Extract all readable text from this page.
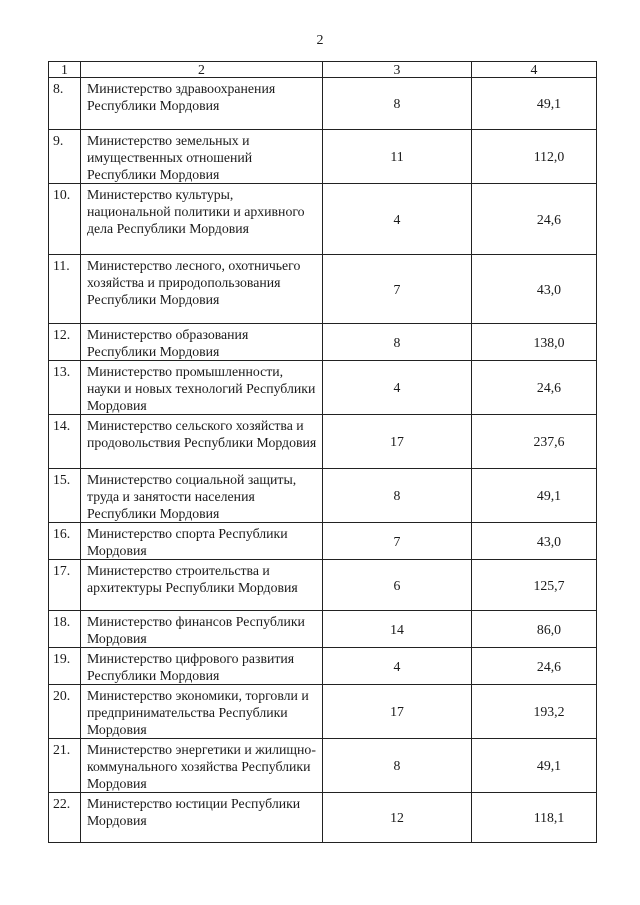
2
1	2	3	4
8.	Министерство здравоохранения Республики Мордовия	8	49,1
9.	Министерство земельных и имущественных отношений Республики Мордовия	11	112,0
10.	Министерство культуры, национальной политики и архивного дела Республики Мордовия	4	24,6
11.	Министерство лесного, охотничьего хозяйства и природопользования Республики Мордовия	7	43,0
12.	Министерство образования Республики Мордовия	8	138,0
13.	Министерство промышленности, науки и новых технологий Республики Мордовия	4	24,6
14.	Министерство сельского хозяйства и продовольствия Республики Мордовия	17	237,6
15.	Министерство социальной защиты, труда и занятости населения Республики Мордовия	8	49,1
16.	Министерство спорта Республики Мордовия	7	43,0
17.	Министерство строительства и архитектуры Республики Мордовия	6	125,7
18.	Министерство финансов Республики Мордовия	14	86,0
19.	Министерство цифрового развития Республики Мордовия	4	24,6
20.	Министерство экономики, торговли и предпринимательства Республики Мордовия	17	193,2
21.	Министерство энергетики и жилищно-коммунального хозяйства Республики Мордовия	8	49,1
22.	Министерство юстиции Республики Мордовия	12	118,1
